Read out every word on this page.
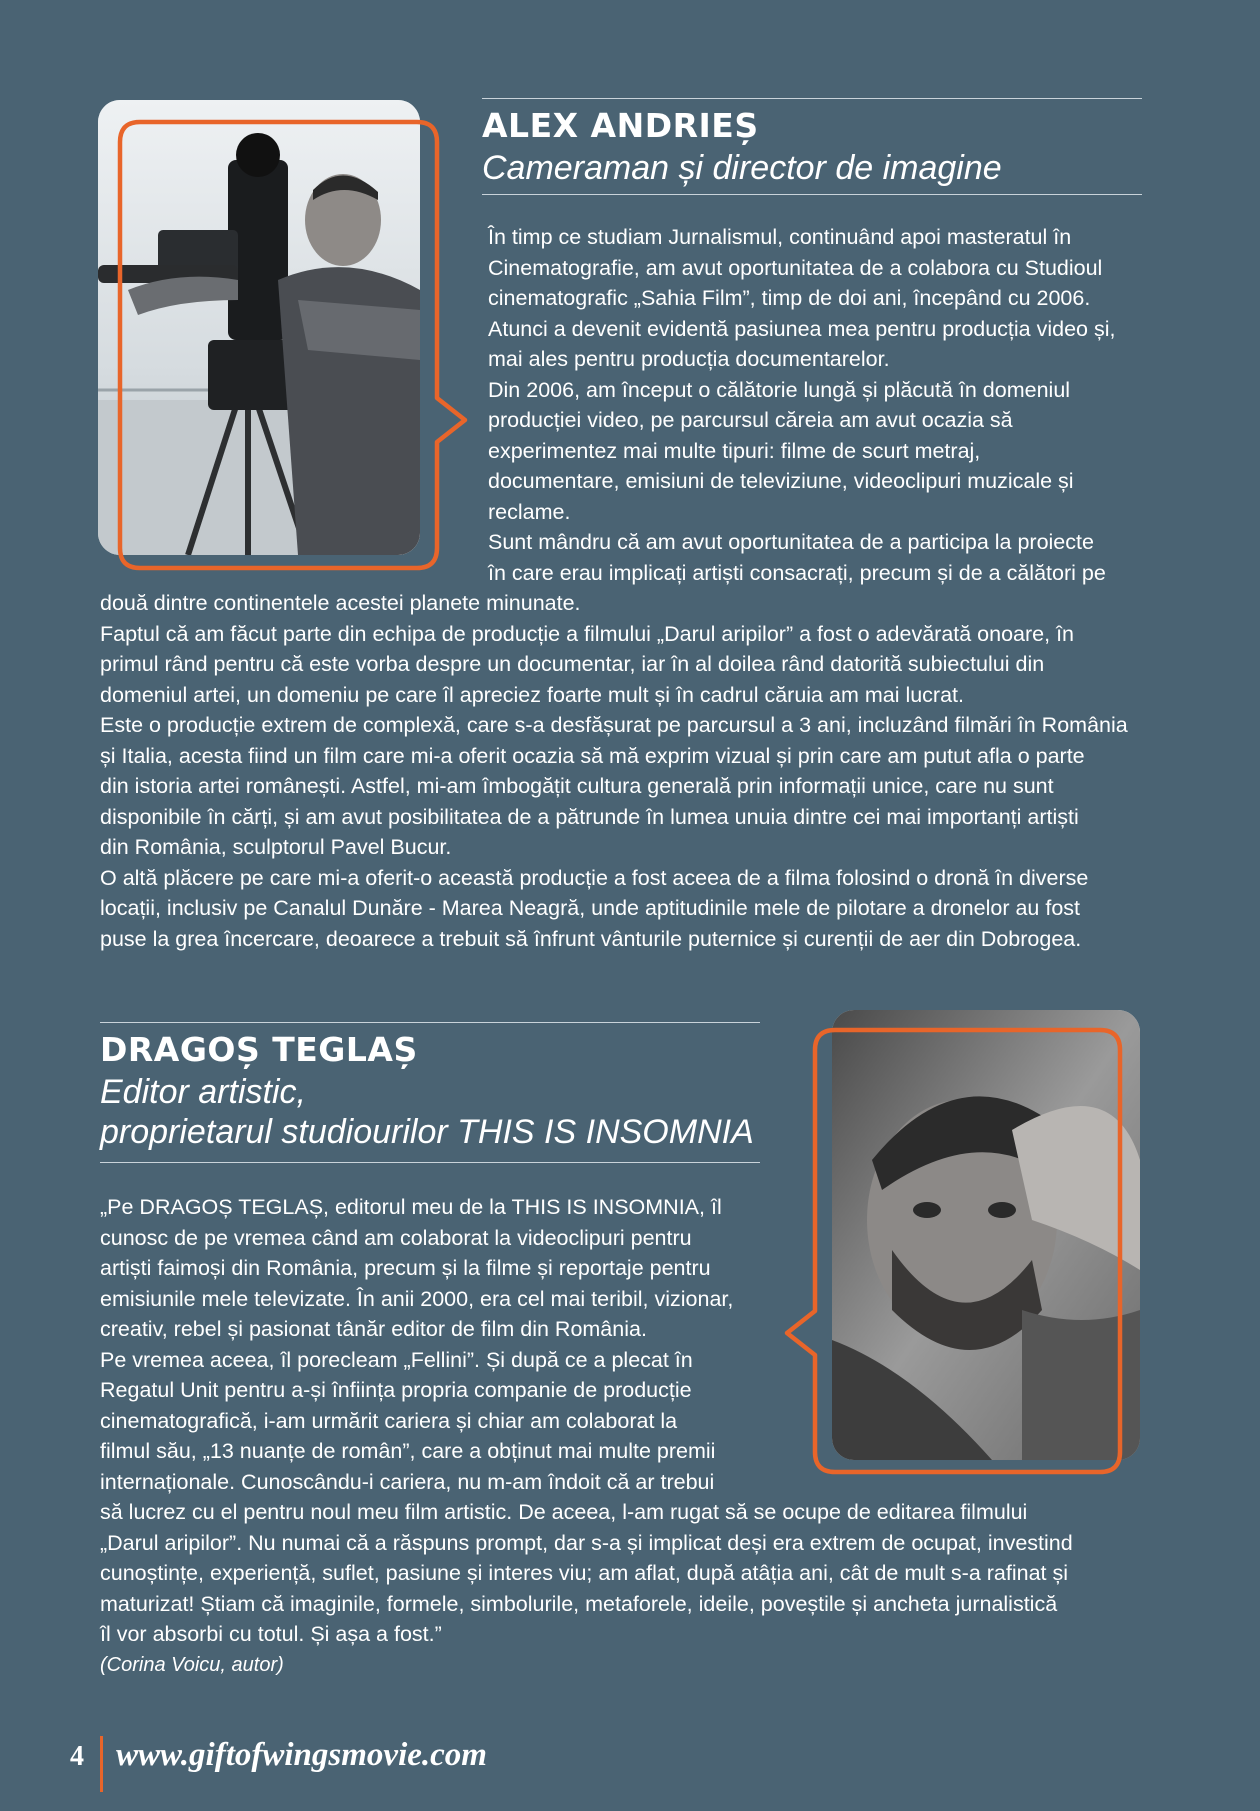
ALEX ANDRIEȘ
Cameraman și director de imagine
În timp ce studiam Jurnalismul, continuând apoi masteratul în
Cinematografie, am avut oportunitatea de a colabora cu Studioul
cinematografic „Sahia Film”, timp de doi ani, începând cu 2006.
Atunci a devenit evidentă pasiunea mea pentru producția video și,
mai ales pentru producția documentarelor.
Din 2006, am început o călătorie lungă și plăcută în domeniul
producției video, pe parcursul căreia am avut ocazia să
experimentez mai multe tipuri: filme de scurt metraj,
documentare, emisiuni de televiziune, videoclipuri muzicale și
reclame.
Sunt mândru că am avut oportunitatea de a participa la proiecte
în care erau implicați artiști consacrați, precum și de a călători pe
două dintre continentele acestei planete minunate.
Faptul că am făcut parte din echipa de producție a filmului „Darul aripilor” a fost o adevărată onoare, în
primul rând pentru că este vorba despre un documentar, iar în al doilea rând datorită subiectului din
domeniul artei, un domeniu pe care îl apreciez foarte mult și în cadrul căruia am mai lucrat.
Este o producție extrem de complexă, care s-a desfășurat pe parcursul a 3 ani, incluzând filmări în România
și Italia, acesta fiind un film care mi-a oferit ocazia să mă exprim vizual și prin care am putut afla o parte
din istoria artei românești. Astfel, mi-am îmbogățit cultura generală prin informații unice, care nu sunt
disponibile în cărți, și am avut posibilitatea de a pătrunde în lumea unuia dintre cei mai importanți artiști
din România, sculptorul Pavel Bucur.
O altă plăcere pe care mi-a oferit-o această producție a fost aceea de a filma folosind o dronă în diverse
locații, inclusiv pe Canalul Dunăre - Marea Neagră, unde aptitudinile mele de pilotare a dronelor au fost
puse la grea încercare, deoarece a trebuit să înfrunt vânturile puternice și curenții de aer din Dobrogea.
DRAGOȘ TEGLAȘ
Editor artistic,
proprietarul studiourilor THIS IS INSOMNIA
„Pe DRAGOȘ TEGLAȘ, editorul meu de la THIS IS INSOMNIA, îl
cunosc de pe vremea când am colaborat la videoclipuri pentru
artiști faimoși din România, precum și la filme și reportaje pentru
emisiunile mele televizate. În anii 2000, era cel mai teribil, vizionar,
creativ, rebel și pasionat tânăr editor de film din România.
Pe vremea aceea, îl porecleam „Fellini”. Și după ce a plecat în
Regatul Unit pentru a-și înființa propria companie de producție
cinematografică, i-am urmărit cariera și chiar am colaborat la
filmul său, „13 nuanțe de român”, care a obținut mai multe premii
internaționale. Cunoscându-i cariera, nu m-am îndoit că ar trebui
să lucrez cu el pentru noul meu film artistic. De aceea, l-am rugat să se ocupe de editarea filmului
„Darul aripilor”. Nu numai că a răspuns prompt, dar s-a și implicat deși era extrem de ocupat, investind
cunoștințe, experiență, suflet, pasiune și interes viu; am aflat, după atâția ani, cât de mult s-a rafinat și
maturizat! Știam că imaginile, formele, simbolurile, metaforele, ideile, poveștile și ancheta jurnalistică
îl vor absorbi cu totul. Și așa a fost.”
(Corina Voicu, autor)
4 www.giftofwingsmovie.com
